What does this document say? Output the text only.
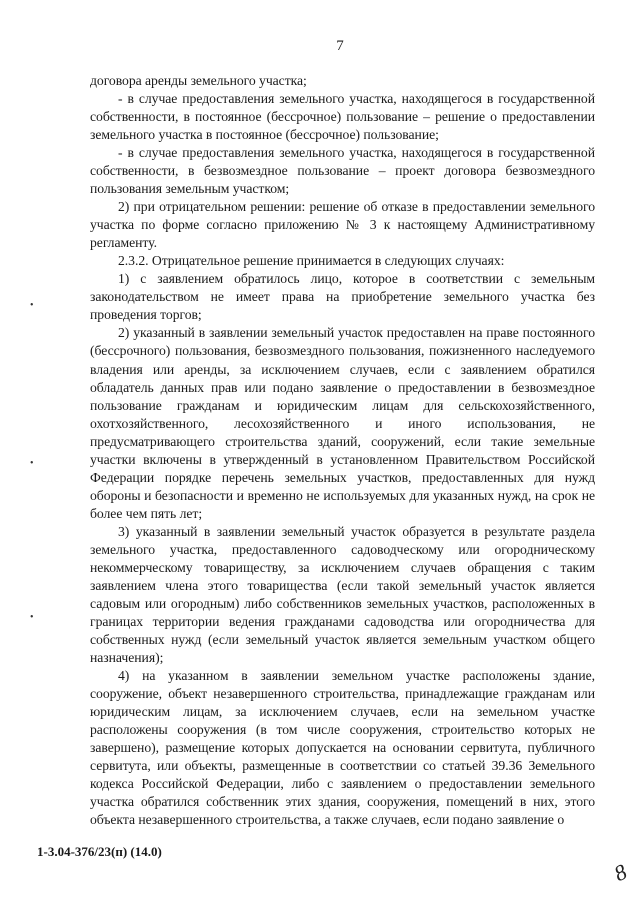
7

договора аренды земельного участка;

- в случае предоставления земельного участка, находящегося в государственной собственности, в постоянное (бессрочное) пользование – решение о предоставлении земельного участка в постоянное (бессрочное) пользование;

- в случае предоставления земельного участка, находящегося в государственной собственности, в безвозмездное пользование – проект договора безвозмездного пользования земельным участком;

2) при отрицательном решении: решение об отказе в предоставлении земельного участка по форме согласно приложению № 3 к настоящему Административному регламенту.

2.3.2. Отрицательное решение принимается в следующих случаях:

1) с заявлением обратилось лицо, которое в соответствии с земельным законодательством не имеет права на приобретение земельного участка без проведения торгов;

2) указанный в заявлении земельный участок предоставлен на праве постоянного (бессрочного) пользования, безвозмездного пользования, пожизненного наследуемого владения или аренды, за исключением случаев, если с заявлением обратился обладатель данных прав или подано заявление о предоставлении в безвозмездное пользование гражданам и юридическим лицам для сельскохозяйственного, охотхозяйственного, лесохозяйственного и иного использования, не предусматривающего строительства зданий, сооружений, если такие земельные участки включены в утвержденный в установленном Правительством Российской Федерации порядке перечень земельных участков, предоставленных для нужд обороны и безопасности и временно не используемых для указанных нужд, на срок не более чем пять лет;

3) указанный в заявлении земельный участок образуется в результате раздела земельного участка, предоставленного садоводческому или огородническому некоммерческому товариществу, за исключением случаев обращения с таким заявлением члена этого товарищества (если такой земельный участок является садовым или огородным) либо собственников земельных участков, расположенных в границах территории ведения гражданами садоводства или огородничества для собственных нужд (если земельный участок является земельным участком общего назначения);

4) на указанном в заявлении земельном участке расположены здание, сооружение, объект незавершенного строительства, принадлежащие гражданам или юридическим лицам, за исключением случаев, если на земельном участке расположены сооружения (в том числе сооружения, строительство которых не завершено), размещение которых допускается на основании сервитута, публичного сервитута, или объекты, размещенные в соответствии со статьей 39.36 Земельного кодекса Российской Федерации, либо с заявлением о предоставлении земельного участка обратился собственник этих здания, сооружения, помещений в них, этого объекта незавершенного строительства, а также случаев, если подано заявление о

•
•
•
1-3.04-376/23(п) (14.0)
8
